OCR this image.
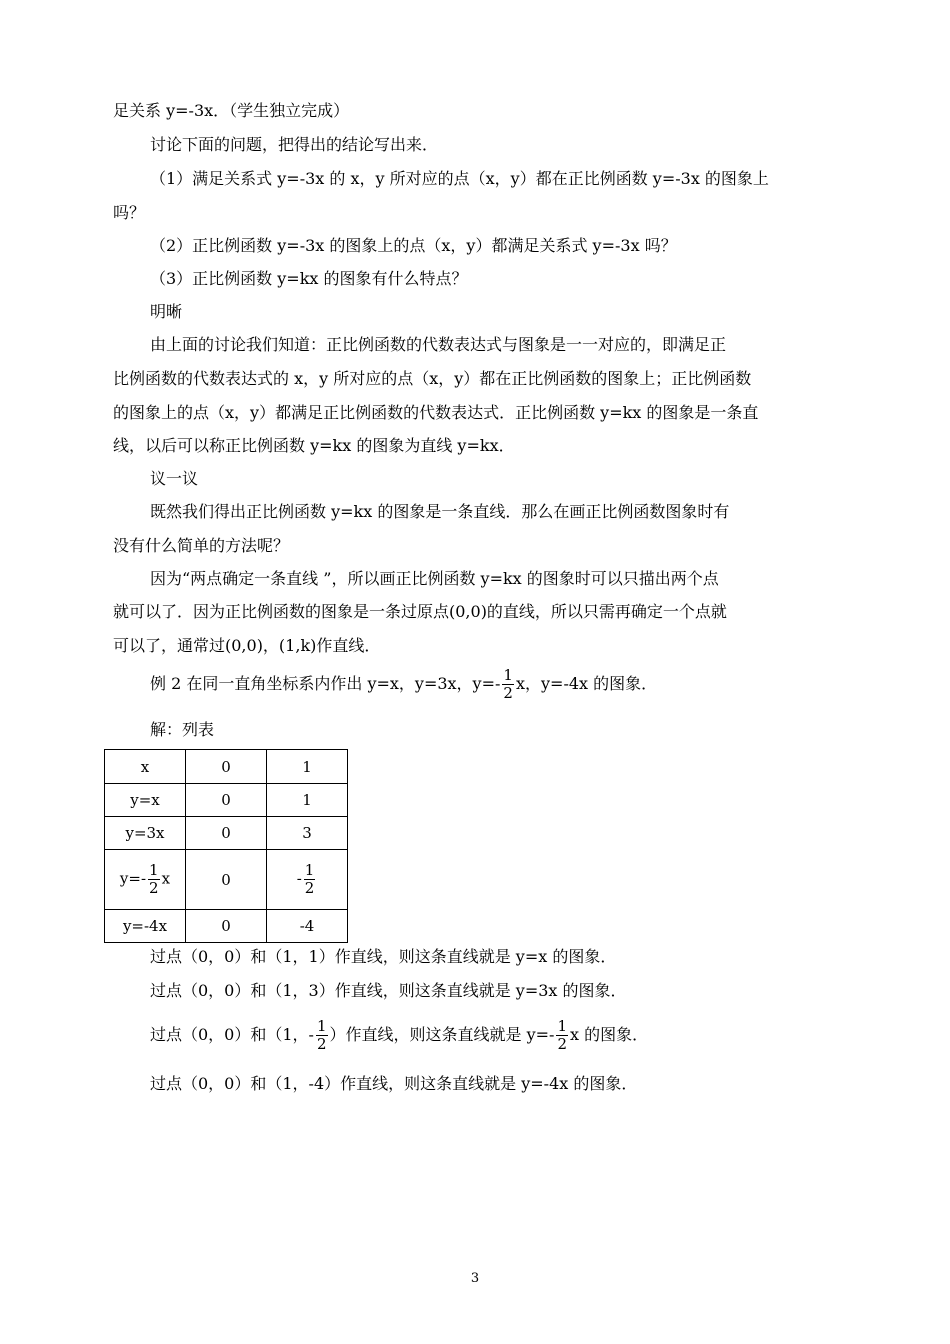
足关系 y=-3x．（学生独立完成）
讨论下面的问题，把得出的结论写出来．
（1）满足关系式 y=-3x 的 x，y 所对应的点（x，y）都在正比例函数 y=-3x 的图象上
吗？
（2）正比例函数 y=-3x 的图象上的点（x，y）都满足关系式 y=-3x 吗？
（3）正比例函数 y=kx 的图象有什么特点？
明晰
由上面的讨论我们知道：正比例函数的代数表达式与图象是一一对应的，即满足正
比例函数的代数表达式的 x，y 所对应的点（x，y）都在正比例函数的图象上；正比例函数
的图象上的点（x，y）都满足正比例函数的代数表达式．正比例函数 y=kx 的图象是一条直
线，以后可以称正比例函数 y=kx 的图象为直线 y=kx．
议一议
既然我们得出正比例函数 y=kx 的图象是一条直线．那么在画正比例函数图象时有
没有什么简单的方法呢？
因为“两点确定一条直线 ”，所以画正比例函数 y=kx 的图象时可以只描出两个点
就可以了．因为正比例函数的图象是一条过原点(0,0)的直线，所以只需再确定一个点就
可以了，通常过(0,0)，(1,k)作直线．
例 2 在同一直角坐标系内作出 y=x，y=3x，$y=- \frac{1}{2}$ x，y=-4x 的图象．
解：列表
x	0	1
y=x	0	1
y=3x	0	3
$y=- \frac{1}{2}$ x	0	- $\frac{1}{2}$

y=-4x	0	-4
过点（0，0）和（1，1）作直线，则这条直线就是 y=x 的图象．
过点（0，0）和（1，3）作直线，则这条直线就是 y=3x 的图象．
过点（0，0）和（1，- $\frac{1}{2}$ ）作直线，则这条直线就是 $y=- \frac{1}{2}$ x 的图象．
过点（0，0）和（1，-4）作直线，则这条直线就是 y=-4x 的图象．
3
